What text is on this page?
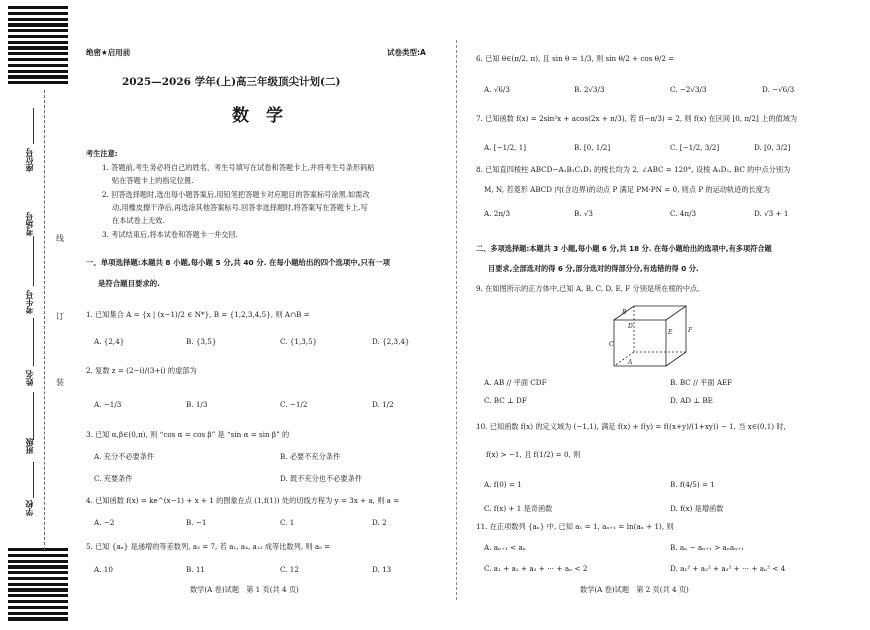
座位号
考场号
考生号
姓名
班级
学校
线
订
装
绝密★启用前	试卷类型:A
2025—2026 学年(上)高三年级顶尖计划(二)
数　学
考生注意:
1. 答题前,考生务必将自己的姓名、考生号填写在试卷和答题卡上,并将考生号条形码粘
贴在答题卡上的指定位置.
2. 回答选择题时,选出每小题答案后,用铅笔把答题卡对应题目的答案标号涂黑.如需改
动,用橡皮擦干净后,再选涂其他答案标号.回答非选择题时,将答案写在答题卡上.写
在本试卷上无效.
3. 考试结束后,将本试卷和答题卡一并交回.
一、单项选择题:本题共 8 小题,每小题 5 分,共 40 分. 在每小题给出的四个选项中,只有一项
是符合题目要求的.
1. 已知集合 A = {x | (x−1)/2 ∈ N*}, B = {1,2,3,4,5}, 则 A∩B =
A. {2,4}	B. {3,5}	C. {1,3,5}	D. {2,3,4}
2. 复数 z = (2−i)/(3+i) 的虚部为
A. −1/3	B. 1/3	C. −1/2	D. 1/2
3. 已知 α,β∈(0,π), 则 “cos α = cos β” 是 “sin α = sin β” 的
A. 充分不必要条件	B. 必要不充分条件
C. 充要条件	D. 既不充分也不必要条件
4. 已知函数 f(x) = ke^(x−1) + x + 1 的图象在点 (1,f(1)) 处的切线方程为 y = 3x + a, 则 a =
A. −2	B. −1	C. 1	D. 2
5. 已知 {aₙ} 是递增的等差数列, a₃ = 7, 若 a₁, a₄, a₁₃ 成等比数列, 则 a₅ =
A. 10	B. 11	C. 12	D. 13
数学(A 卷)试题　第 1 页(共 4 页)
6. 已知 θ∈(π/2, π), 且 sin θ = 1/3, 则 sin θ/2 + cos θ/2 =
A. √6/3	B. 2√3/3	C. −2√3/3	D. −√6/3
7. 已知函数 f(x) = 2sin²x + acos(2x + π/3), 若 f(−π/3) = 2, 则 f(x) 在区间 [0, π/2] 上的值域为
A. [−1/2, 1]	B. [0, 1/2]	C. [−1/2, 3/2]	D. [0, 3/2]
8. 已知直四棱柱 ABCD−A₁B₁C₁D₁ 的棱长均为 2, ∠ABC = 120°, 设棱 A₁D₁, BC 的中点分别为
M, N, 若菱形 ABCD 内(含边界)的动点 P 满足 PM·PN = 0, 则点 P 的运动轨迹的长度为
A. 2π/3	B. √3	C. 4π/3	D. √3 + 1
二、多项选择题:本题共 3 小题,每小题 6 分,共 18 分. 在每小题给出的选项中,有多项符合题
目要求,全部选对的得 6 分,部分选对的得部分分,有选错的得 0 分.
9. 在如图所示的正方体中,已知 A, B, C, D, E, F 分别是所在棱的中点,
B
D
C
E	F
A
A. AB // 平面 CDF	B. BC // 平面 AEF
C. BC ⊥ DF	D. AD ⊥ BE
10. 已知函数 f(x) 的定义域为 (−1,1), 满足 f(x) + f(y) = f((x+y)/(1+xy)) − 1, 当 x∈(0,1) 时,
f(x) > −1, 且 f(1/2) = 0, 则
A. f(0) = 1	B. f(4/5) = 1
C. f(x) + 1 是奇函数	D. f(x) 是增函数
11. 在正项数列 {aₙ} 中, 已知 a₁ = 1, aₙ₊₁ = ln(aₙ + 1), 则
A. aₙ₊₁ < aₙ	B. aₙ − aₙ₊₁ > aₙaₙ₊₁
C. a₁ + a₂ + a₃ + ⋯ + aₙ < 2	D. a₁² + a₂² + a₃² + ⋯ + aₙ² < 4
数学(A 卷)试题　第 2 页(共 4 页)
